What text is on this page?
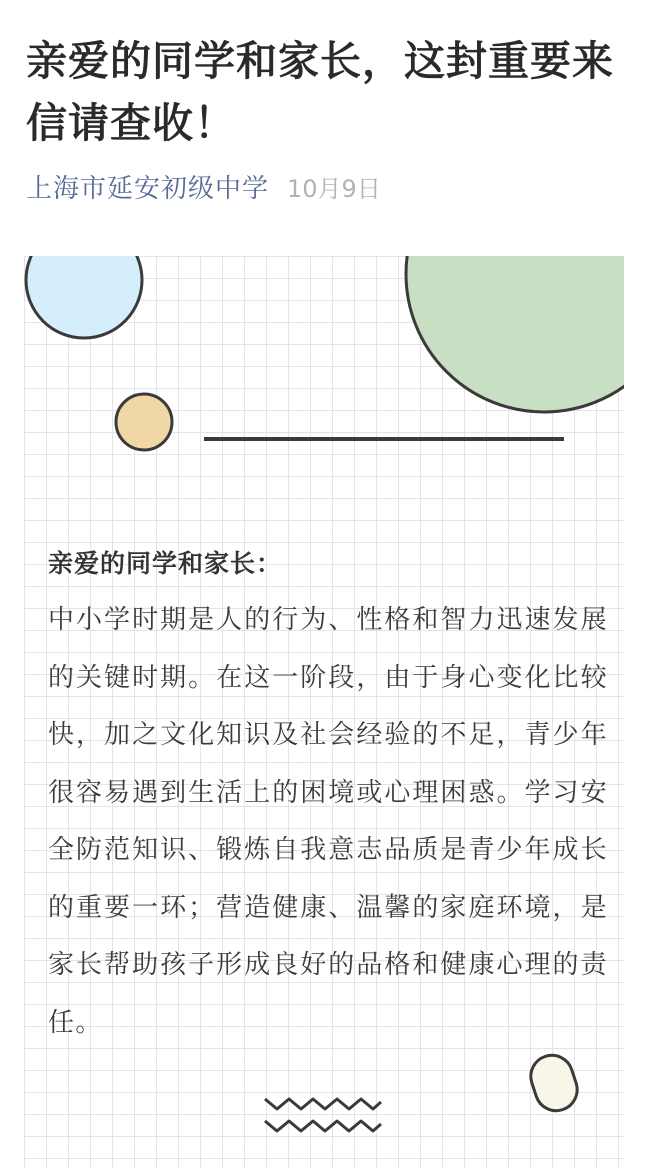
亲爱的同学和家长，这封重要来信请查收！
上海市延安初级中学 10月9日

亲爱的同学和家长：

中小学时期是人的行为、性格和智力迅速发展的关键时期。在这一阶段，由于身心变化比较快，加之文化知识及社会经验的不足，青少年很容易遇到生活上的困境或心理困惑。学习安全防范知识、锻炼自我意志品质是青少年成长的重要一环；营造健康、温馨的家庭环境，是家长帮助孩子形成良好的品格和健康心理的责任。
